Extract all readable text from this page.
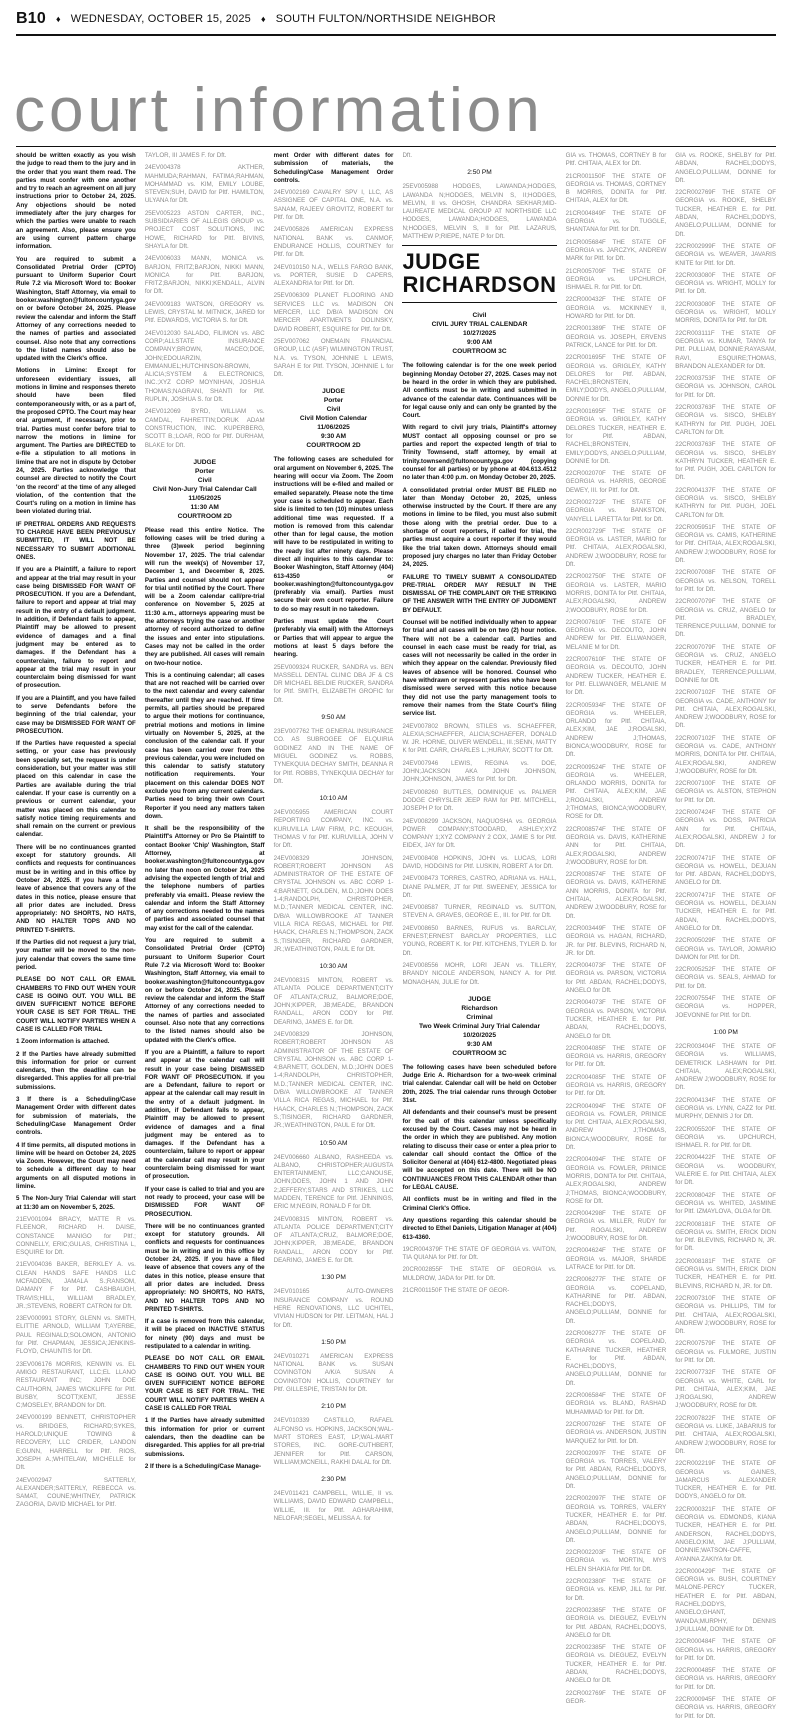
B10 ♦ WEDNESDAY, OCTOBER 15, 2025 ♦ SOUTH FULTON/NORTHSIDE NEIGHBOR
court information

should be written exactly as you wish the judge to read them to the jury and in the order that you want them read. The parties must confer with one another and try to reach an agreement on all jury instructions prior to October 24, 2025. Any objections should be noted immediately after the jury charges for which the parties were unable to reach an agreement. Also, please ensure you are using current pattern charge information.

You are required to submit a Consolidated Pretrial Order (CPTO) pursuant to Uniform Superior Court Rule 7.2 via Microsoft Word to: Booker Washington, Staff Attorney, via email to booker.washington@fultoncountyga.gov on or before October 24, 2025. Please review the calendar and inform the Staff Attorney of any corrections needed to the names of parties and associated counsel. Also note that any corrections to the listed names should also be updated with the Clerk's office.

Motions in Limine: Except for unforeseen evidentiary issues, all motions in limine and responses thereto should have been filed contemporaneously with, or as a part of, the proposed CPTO. The Court may hear oral argument, if necessary, prior to trial. Parties must confer before trial to narrow the motions in limine for argument. The Parties are DIRECTED to e-file a stipulation to all motions in limine that are not in dispute by October 24, 2025. Parties acknowledge that counsel are directed to notify the Court 'on the record' at the time of any alleged violation, of the contention that the Court's ruling on a motion in limine has been violated during trial.

IF PRETRIAL ORDERS AND REQUESTS TO CHARGE HAVE BEEN PREVIOUSLY SUBMITTED, IT WILL NOT BE NECESSARY TO SUBMIT ADDITIONAL ONES.

If you are a Plaintiff, a failure to report and appear at the trial may result in your case being DISMISSED FOR WANT OF PROSECUTION. If you are a Defendant, failure to report and appear at trial may result in the entry of a default judgment. In addition, if Defendant fails to appear, Plaintiff may be allowed to present evidence of damages and a final judgment may be entered as to damages. If the Defendant has a counterclaim, failure to report and appear at the trial may result in your counterclaim being dismissed for want of prosecution.

If you are a Plaintiff, and you have failed to serve Defendants before the beginning of the trial calendar, your case may be DISMISSED FOR WANT OF PROSECUTION.

If the Parties have requested a special setting, or your case has previously been specially set, the request is under consideration, but your matter was still placed on this calendar in case the Parties are available during the trial calendar. If your case is currently on a previous or current calendar, your matter was placed on this calendar to satisfy notice timing requirements and shall remain on the current or previous calendar.

There will be no continuances granted except for statutory grounds. All conflicts and requests for continuances must be in writing and in this office by October 24, 2025. If you have a filed leave of absence that covers any of the dates in this notice, please ensure that all prior dates are included. Dress appropriately: NO SHORTS, NO HATS, AND NO HALTER TOPS AND NO PRINTED T-SHIRTS.

If the Parties did not request a jury trial, your matter will be moved to the non-jury calendar that covers the same time period.

PLEASE DO NOT CALL OR EMAIL CHAMBERS TO FIND OUT WHEN YOUR CASE IS GOING OUT. YOU WILL BE GIVEN SUFFICIENT NOTICE BEFORE YOUR CASE IS SET FOR TRIAL. THE COURT WILL NOTIFY PARTIES WHEN A CASE IS CALLED FOR TRIAL

1 Zoom information is attached.

2 If the Parties have already submitted this information for prior or current calendars, then the deadline can be disregarded. This applies for all pre-trial submissions.

3 If there is a Scheduling/Case Management Order with different dates for submission of materials, the Scheduling/Case Management Order controls.

4 If time permits, all disputed motions in limine will be heard on October 24, 2025 via Zoom. However, the Court may need to schedule a different day to hear arguments on all disputed motions in limine.

5 The Non-Jury Trial Calendar will start at 11:30 am on November 5, 2025.

21EV001094 BRACY, MATTE R vs. FLEENOR, RICHARD H. DAISE, CONSTANCE MANIGO for Pltf.; CONNELLY, ERIC;GULAS, CHRISTINA L, ESQUIRE for Dft.

21EV004036 BAKER, BERKLEY A. vs. CLEAN HANDS SAFE HANDS LLC MCFADDEN, JAMALA S.;RANSOM, DAMANY F for Pltf. CASHBAUGH, TRAVIS;HILL, WILLIAM BRADLEY, JR.;STEVENS, ROBERT CATRON for Dft.

23EV000991 STORY, GLENN vs. SMITH, ELITTIE ARNOLD, WILLIAM T;AYERBE, PAUL REGINALD;SOLOMON, ANTONIO for Pltf. CHAPMAN, JESSICA;JENKINS-FLOYD, CHAUNTIS for Dft.

23EV006176 MORRIS, KENWIN vs. EL AMIGO RESTAURANT, LLC;EL LLANO RESTAURANT INC; JOHN DOE CAUTHORN, JAMES WICKLIFFE for Pltf. BUSBY, SCOTT;KENT, JESSE C;MOSELEY, BRANDON for Dft.

24EV000199 BENNETT, CHRISTOPHER vs. BRIDGES, RICHARD;SYKES, HAROLD;UNIQUE TOWING & RECOVERY, LLC CRIDER, LANDON E;GUNN, HARRELL for Pltf. RIOS, JOSEPH A.;WHITELAW, MICHELLE for Dft.

24EV002947 SATTERLY, ALEXANDER;SATTERLY, REBECCA vs. SAMAT, COUNE;WHITNEY, PATRICK ZAGORIA, DAVID MICHAEL for Pltf.

TAYLOR, III JAMES F. for Dft.

24EV004378 AKTHER, MAHMUDA;RAHMAN, FATIMA;RAHMAN, MOHAMMAD vs. KIM, EMILY LOUBE, STEVEN;SUH, DAVID for Pltf. HAMILTON, ULYANA for Dft.

25EV005223 ASTON CARTER, INC., SUBSIDIARIES OF ALLEGIS GROUP vs. PROJECT COST SOLUTIONS, INC HOWE, RICHARD for Pltf. BIVINS, SHAYLA for Dft.

24EV006033 MANN, MONICA vs. BARJON, FRITZ;BARJON, NIKKI MANN, MONICA for Pltf. BARJON, FRITZ;BARJON, NIKKI;KENDALL, ALVIN for Dft.

24EV009183 WATSON, GREGORY vs. LEWIS, CRYSTAL M. MITNICK, JARED for Pltf. EDWARDS, VICTORIA S. for Dft.

24EV012030 SALADO, FILIMON vs. ABC CORP;ALLSTATE INSURANCE COMPANY;BROWN, MACEO;DOE, JOHN;EDOUARZIN, EMMANUEL;HUTCHINSON-BROWN, ALICIA;SYSTEM & ELECTRONICS, INC.;XYZ CORP MOYNIHAN, JOSHUA THOMAS;NAGRANI, SHANTI for Pltf. RUPLIN, JOSHUA S. for Dft.

24EV012069 BYRD, WILLIAM vs. CAMDAL, FAHRETTIN;DORUK ADAM CONSTRUCTION, INC. KUPERBERG, SCOTT B.;LOAR, ROD for Pltf. DURHAM, BLAKE for Dft.

JUDGE
Porter
Civil
Civil Non-Jury Trial Calendar Call
11/05/2025
11:30 AM
COURTROOM 2D

Please read this entire Notice. The following cases will be tried during a three (3)week period beginning November 17, 2025. The trial calendar will run the week(s) of November 17, December 1, and December 8, 2025. Parties and counsel should not appear for trial until notified by the Court. There will be a Zoom calendar call/pre-trial conference on November 5, 2025 at 11:30 a.m., attorneys appearing must be the attorneys trying the case or another attorney of record authorized to define the issues and enter into stipulations. Cases may not be called in the order they are published. All cases will remain on two-hour notice.

This is a continuing calendar; all cases that are not reached will be carried over to the next calendar and every calendar thereafter until they are reached. If time permits, all parties should be prepared to argue their motions for continuance, pretrial motions and motions in limine virtually on November 5, 2025, at the conclusion of the calendar call. If your case has been carried over from the previous calendar, you were included on this calendar to satisfy statutory notification requirements. Your placement on this calendar DOES NOT exclude you from any current calendars. Parties need to bring their own Court Reporter if you need any matters taken down.

It shall be the responsibility of the Plaintiff's Attorney or Pro Se Plaintiff to contact Booker 'Chip' Washington, Staff Attorney, at booker.washington@fultoncountyga.gov no later than noon on October 24, 2025 advising the expected length of trial and the telephone numbers of parties preferably via email1. Please review the calendar and inform the Staff Attorney of any corrections needed to the names of parties and associated counsel that may exist for the call of the calendar.

You are required to submit a Consolidated Pretrial Order (CPTO) pursuant to Uniform Superior Court Rule 7.2 via Microsoft Word to: Booker Washington, Staff Attorney, via email to booker.washington@fultoncountyga.gov on or before October 24, 2025. Please review the calendar and inform the Staff Attorney of any corrections needed to the names of parties and associated counsel. Also note that any corrections to the listed names should also be updated with the Clerk's office.

If you are a Plaintiff, a failure to report and appear at the calendar call will result in your case being DISMISSED FOR WANT OF PROSECUTION. If you are a Defendant, failure to report or appear at the calendar call may result in the entry of a default judgment. In addition, if Defendant fails to appear, Plaintiff may be allowed to present evidence of damages and a final judgment may be entered as to damages. If the Defendant has a counterclaim, failure to report or appear at the calendar call may result in your counterclaim being dismissed for want of prosecution.

If your case is called to trial and you are not ready to proceed, your case will be DISMISSED FOR WANT OF PROSECUTION.

There will be no continuances granted except for statutory grounds. All conflicts and requests for continuances must be in writing and in this office by October 24, 2025. If you have a filed leave of absence that covers any of the dates in this notice, please ensure that all prior dates are included. Dress appropriately: NO SHORTS, NO HATS, AND NO HALTER TOPS AND NO PRINTED T-SHIRTS.

If a case is removed from this calendar, it will be placed on INACTIVE STATUS for ninety (90) days and must be restipulated to a calendar in writing.

PLEASE DO NOT CALL OR EMAIL CHAMBERS TO FIND OUT WHEN YOUR CASE IS GOING OUT. YOU WILL BE GIVEN SUFFICIENT NOTICE BEFORE YOUR CASE IS SET FOR TRIAL. THE COURT WILL NOTIFY PARTIES WHEN A CASE IS CALLED FOR TRIAL

1 If the Parties have already submitted this information for prior or current calendars, then the deadline can be disregarded. This applies for all pre-trial submissions.

2 If there is a Scheduling/Case Manage-

ment Order with different dates for submission of materials, the Scheduling/Case Management Order controls.

24EV002169 CAVALRY SPV I, LLC, AS ASSIGNEE OF CAPITAL ONE, N.A. vs. SANAM, RAJEEV GROVITZ, ROBERT for Pltf. for Dft.

24EV005826 AMERICAN EXPRESS NATIONAL BANK vs. CANMOF, ENDURANCE HOLLIS, COURTNEY for Pltf. for Dft.

24EV010150 N.A., WELLS FARGO BANK, vs. PORTER, SUSIE D CAPERS, ALEXANDRIA for Pltf. for Dft.

25EV006309 PLANET FLOORING AND SERVICES LLC vs. MADISON ON MERCER, LLC D/B/A MADISON ON MERCER APARTMENTS DOLINSKY, DAVID ROBERT, ESQUIRE for Pltf. for Dft.

25EV007062 ONEMAIN FINANCIAL GROUP, LLC (ASF) WILMINGTON TRUST, N.A. vs. TYSON, JOHNNIE L LEWIS, SARAH E for Pltf. TYSON, JOHNNIE L for Dft.

JUDGE
Porter
Civil
Civil Motion Calendar
11/06/2025
9:30 AM
COURTROOM 2D

The following cases are scheduled for oral argument on November 6, 2025. The hearing will occur via Zoom. The Zoom instructions will be e-filed and mailed or emailed separately. Please note the time your case is scheduled to appear. Each side is limited to ten (10) minutes unless additional time was requested. If a motion is removed from this calendar other than for legal cause, the motion will have to be restipulated in writing to the ready list after ninety days. Please direct all inquiries to this calendar to: Booker Washington, Staff Attorney (404) 613-4350 or booker.washington@fultoncountyga.gov (preferably via email). Parties must secure their own court reporter. Failure to do so may result in no takedown.

Parties must update the Court (preferably via email) with the Attorneys or Parties that will appear to argue the motions at least 5 days before the hearing.

25EV009324 RUCKER, SANDRA vs. BEN MASSELL DENTAL CLINIC DBA JF & CS DR MICHAEL BELDIE RUCKER, SANDRA for Pltf. SMITH, ELIZABETH GROFIC for Dft.

9:50 AM

23EV007762 THE GENERAL INSURANCE CO. AS SUBROGEE OF ELQUIRIA GODINEZ AND IN THE NAME OF MIGUEL GODINEZ vs. ROBBS, TYNEKQUIA DECHAY SMITH, DEANNA R for Pltf. ROBBS, TYNEKQUIA DECHAY for Dft.

10:10 AM

24EV005955 AMERICAN COURT REPORTING COMPANY, INC. vs. KURUVILLA LAW FIRM, P.C. KEOUGH, THOMAS V for Pltf. KURUVILLA, JOHN V for Dft.

24EV008329 JOHNSON, ROBERT;ROBERT JOHNSON AS ADMINISTRATOR OF THE ESTATE OF CRYSTAL JOHNSON vs. ABC CORP 1-4;BARNETT, GOLDEN, M.D.;JOHN DOES 1-4;RANDOLPH, CHRISTOPHER, M.D.;TANNER MEDICAL CENTER, INC. D/B/A WILLOWBROOKE AT TANNER VILLA RICA REGAS, MICHAEL for Pltf. HAACK, CHARLES N.;THOMPSON, ZACK S.;TISINGER, RICHARD GARDNER, JR.;WEATHINGTON, PAUL E for Dft.

10:30 AM

24EV008315 MINTON, ROBERT vs. ATLANTA POLICE DEPARTMENT;CITY OF ATLANTA;CRUZ, BALMORE;DOE, JOHN;KIPPER, JB;MEADE, BRANDON RANDALL, ARON CODY for Pltf. DEARING, JAMES E. for Dft.

24EV008329 JOHNSON, ROBERT;ROBERT JOHNSON AS ADMINISTRATOR OF THE ESTATE OF CRYSTAL JOHNSON vs. ABC CORP 1-4;BARNETT, GOLDEN, M.D.;JOHN DOES 1-4;RANDOLPH, CHRISTOPHER, M.D.;TANNER MEDICAL CENTER, INC. D/B/A WILLOWBROOKE AT TANNER VILLA RICA REGAS, MICHAEL for Pltf. HAACK, CHARLES N.;THOMPSON, ZACK S.;TISINGER, RICHARD GARDNER, JR.;WEATHINGTON, PAUL E for Dft.

10:50 AM

24EV006660 ALBANO, RASHEEDA vs. ALBANO, CHRISTOPHER;AUGUSTA ENTERTAINMENT, LLC;CANOUSE, JOHN;DOES, JOHN 1 AND JOHN 2;JEFFERY;STARS AND STRIKES, LLC MADDEN, TERENCE for Pltf. JENNINGS, ERIC M;NEGIN, RONALD F for Dft.

24EV008315 MINTON, ROBERT vs. ATLANTA POLICE DEPARTMENT;CITY OF ATLANTA;CRUZ, BALMORE;DOE, JOHN;KIPPER, JB;MEADE, BRANDON RANDALL, ARON CODY for Pltf. DEARING, JAMES E. for Dft.

1:30 PM

24EV010165 AUTO-OWNERS INSURANCE COMPANY vs. ROUND HERE RENOVATIONS, LLC UCHITEL, VIVIAN HUDSON for Pltf. LEITMAN, HAL J for Dft.

1:50 PM

24EV010271 AMERICAN EXPRESS NATIONAL BANK vs. SUSAN COVINGTON A/K/A SUSAN A COVINGTON HOLLIS, COURTNEY for Pltf. GILLESPIE, TRISTAN for Dft.

2:10 PM

24EV010339 CASTILLO, RAFAEL ALFONSO vs. HOPKINS, JACKSON;WAL-MART STORES EAST, LP;WAL-MART STORES, INC. GORE-CUTHBERT, JENNIFER for Pltf. CARSON, WILLIAM;MCNEILL, RAKHI DALAL for Dft.

2:30 PM

24EV011421 CAMPBELL, WILLIE, II vs. WILLIAMS, DAVID EDWARD CAMPBELL, WILLIE, III. for Pltf. AGHARAHIMI, NELOFAR;SEGEL, MELISSA A. for

Dft.

2:50 PM

25EV005988 HODGES, LAWANDA;HODGES, LAWANDA N;HODGES, MELVIN S, II;HODGES, MELVIN, II vs. GHOSH, CHANDRA SEKHAR;MID-LAUREATE MEDICAL GROUP AT NORTHSIDE LLC HODGES, LAWANDA;HODGES, LAWANDA N;HODGES, MELVIN S, II for Pltf. LAZARUS, MATTHEW P;RIEPE, NATE P for Dft.

JUDGE
RICHARDSON
Civil
CIVIL JURY TRIAL CALENDAR
10/27/2025
9:00 AM
COURTROOM 3C

The following calendar is for the one week period beginning Monday October 27, 2025. Cases may not be heard in the order in which they are published. All conflicts must be in writing and submitted in advance of the calendar date. Continuances will be for legal cause only and can only be granted by the Court.

With regard to civil jury trials, Plaintiff's attorney MUST contact all opposing counsel or pro se parties and report the expected length of trial to Trinity Townsend, staff attorney, by email at trinity.townsend@fultoncountyga.gov (copying counsel for all parties) or by phone at 404.613.4512 no later than 4:00 p.m. on Monday October 20, 2025.

A consolidated pretrial order MUST BE FILED no later than Monday October 20, 2025, unless otherwise instructed by the Court. If there are any motions in limine to be filed, you must also submit those along with the pretrial order. Due to a shortage of court reporters, if called for trial, the parties must acquire a court reporter if they would like the trial taken down. Attorneys should email proposed jury charges no later than Friday October 24, 2025.

FAILURE TO TIMELY SUBMIT A CONSOLIDATED PRE-TRIAL ORDER MAY RESULT IN THE DISMISSAL OF THE COMPLAINT OR THE STRIKING OF THE ANSWER WITH THE ENTRY OF JUDGMENT BY DEFAULT.

Counsel will be notified individually when to appear for trial and all cases will be on two (2) hour notice. There will not be a calendar call. Parties and counsel in each case must be ready for trial, as cases will not necessarily be called in the order in which they appear on the calendar. Previously filed leaves of absence will be honored. Counsel who have withdrawn or represent parties who have been dismissed were served with this notice because they did not use the party management tools to remove their names from the State Court's filing service list.

24EV007802 BROWN, STILES vs. SCHAEFFER, ALEXIA;SCHAEFFER, ALICIA;SCHAEFER, DONALD W. JR. HORNE, OLIVER WENDELL, III.;SENN, MATTY K for Pltf. CARR, CHARLES L.;HURAY, SCOTT for Dft.

24EV007946 LEWIS, REGINA vs. DOE, JOHN;JACKSON AKA JOHN JOHNSON, JOHN;JOHNSON, JAMES for Pltf. for Dft.

24EV008260 BUTTLES, DOMINIQUE vs. PALMER DODGE CHRYSLER JEEP RAM for Pltf. MITCHELL, JOSEPH P for Dft.

24EV008299 JACKSON, NAQUOSHA vs. GEORGIA POWER COMPANY;STOODARD, ASHLEY;XYZ COMPANY 1;XYZ COMPANY 2 COX, JAMIE S for Pltf. EIDEX, JAY for Dft.

24EV008408 HOPKINS, JOHN vs. LUCAS, LORI DAVID, HODGINS for Pltf. LUSKIN, ROBERT A for Dft.

24EV008473 TORRES, CASTRO, ADRIANA vs. HALL, DIANE PALMER, JT for Pltf. SWEENEY, JESSICA for Dft.

24EV008587 TURNER, REGINALD vs. SUTTON, STEVEN A. GRAVES, GEORGE E., III. for Pltf. for Dft.

24EV008650 BARNES, RUFUS vs. BARCLAY, ERNEST;ERNEST BARCLAY PROPERTIES, LLC YOUNG, ROBERT K. for Pltf. KITCHENS, TYLER D. for Dft.

24EV008556 MOHR, LORI JEAN vs. TILLERY, BRANDY NICOLE ANDERSON, NANCY A. for Pltf. MONAGHAN, JULIE for Dft.

JUDGE
Richardson
Criminal
Two Week Criminal Jury Trial Calendar
10/20/2025
9:30 AM
COURTROOM 3C

The following cases have been scheduled before Judge Eric A. Richardson for a two-week criminal trial calendar. Calendar call will be held on October 20th, 2025. The trial calendar runs through October 31st.

All defendants and their counsel's must be present for the call of this calendar unless specifically excused by the Court. Cases may not be heard in the order in which they are published. Any motion relating to discuss their case or enter a plea prior to calendar call should contact the Office of the Solicitor General at (404) 612-4800. Negotiated pleas will be accepted on this date. There will be NO CONTINUANCES FROM THIS CALENDAR other than for LEGAL CAUSE.

All conflicts must be in writing and filed in the Criminal Clerk's Office.

Any questions regarding this calendar should be directed to Ethel Daniels, Litigation Manager at (404) 613-4360.

19CR004379F THE STATE OF GEORGIA vs. VAITON, TIA QUIANA for Pltf. for Dft.

20CR002855F THE STATE OF GEORGIA vs. MULDROW, JADA for Pltf. for Dft.

21CR001150F THE STATE OF GEOR-

GIA vs. THOMAS, CORTNEY B for Pltf. CHITAIA, ALEX for Dft.

21CR001150F THE STATE OF GEORGIA vs. THOMAS, CORTNEY B MORRIS, DONITA for Pltf. CHITAIA, ALEX for Dft.

21CR004849F THE STATE OF GEORGIA vs. TUGGLE, SHANTANA for Pltf. for Dft.

21CR005684F THE STATE OF GEORGIA vs. JARCZYK, ANDREW MARK for Pltf. for Dft.

21CR005709F THE STATE OF GEORGIA vs. UPCHURCH, ISHMAEL R. for Pltf. for Dft.

22CR000432F THE STATE OF GEORGIA vs. MCKINNEY II, HOWARD for Pltf. for Dft.

22CR001389F THE STATE OF GEORGIA vs. JOSEPH, ERVENS PATRICK, LANCE for Pltf. for Dft.

22CR001695F THE STATE OF GEORGIA vs. GRIGLEY, KATHY DELORES for Pltf. ABDAN, RACHEL;BRONSTEIN, EMILY;DODYS, ANGELO;PULLIAM, DONNIE for Dft.

22CR001695F THE STATE OF GEORGIA vs. GRIGLEY, KATHY DELORES TUCKER, HEATHER E. for Pltf. ABDAN, RACHEL;BRONSTEIN, EMILY;DODYS, ANGELO;PULLIAM, DONNIE for Dft.

22CR002070F THE STATE OF GEORGIA vs. HARRIS, GEORGE DEWEY, III. for Pltf. for Dft.

22CR002722F THE STATE OF GEORGIA vs. BANKSTON, VANYELL LARETTA for Pltf. for Dft.

22CR002729F THE STATE OF GEORGIA vs. LASTER, MARIO for Pltf. CHITAIA, ALEX;ROGALSKI, ANDREW J;WOODBURY, ROSE for Dft.

22CR002750F THE STATE OF GEORGIA vs. LASTER, MARIO MORRIS, DONITA for Pltf. CHITAIA, ALEX;ROGALSKI, ANDREW J;WOODBURY, ROSE for Dft.

22CR007610F THE STATE OF GEORGIA vs. DECOUTO, JOHN ANDREW for Pltf. ELLWANGER, MELANIE M for Dft.

22CR007610F THE STATE OF GEORGIA vs. DECOUTO, JOHN ANDREW TUCKER, HEATHER E. for Pltf. ELLWANGER, MELANIE M for Dft.

22CR005934F THE STATE OF GEORGIA vs. WHEELER, ORLANDO for Pltf. CHITAIA, ALEX;KIM, JAE J;ROGALSKI, ANDREW J;THOMAS, BIONCA;WOODBURY, ROSE for Dft.

22CR009524F THE STATE OF GEORGIA vs. WHEELER, ORLANDO MORRIS, DONITA for Pltf. CHITAIA, ALEX;KIM, JAE J;ROGALSKI, ANDREW J;THOMAS, BIONCA;WOODBURY, ROSE for Dft.

22CR008574F THE STATE OF GEORGIA vs. DAVIS, KATHERINE ANN for Pltf. CHITAIA, ALEX;ROGALSKI, ANDREW J;WOODBURY, ROSE for Dft.

22CR008574F THE STATE OF GEORGIA vs. DAVIS, KATHERINE ANN MORRIS, DONITA for Pltf. CHITAIA, ALEX;ROGALSKI, ANDREW J;WOODBURY, ROSE for Dft.

22CR003449F THE STATE OF GEORGIA vs. HAGAN, RICHARD, JR. for Pltf. BLEVINS, RICHARD N, JR. for Dft.

22CR004073F THE STATE OF GEORGIA vs. PARSON, VICTORIA for Pltf. ABDAN, RACHEL;DODYS, ANGELO for Dft.

22CR004073F THE STATE OF GEORGIA vs. PARSON, VICTORIA TUCKER, HEATHER E. for Pltf. ABDAN, RACHEL;DODYS, ANGELO for Dft.

22CR004085F THE STATE OF GEORGIA vs. HARRIS, GREGORY for Pltf. for Dft.

22CR004085F THE STATE OF GEORGIA vs. HARRIS, GREGORY for Pltf. for Dft.

22CR004094F THE STATE OF GEORGIA vs. FOWLER, PRINICE for Pltf. CHITAIA, ALEX;ROGALSKI, ANDREW J;THOMAS, BIONCA;WOODBURY, ROSE for Dft.

22CR004094F THE STATE OF GEORGIA vs. FOWLER, PRINICE MORRIS, DONITA for Pltf. CHITAIA, ALEX;ROGALSKI, ANDREW J;THOMAS, BIONCA;WOODBURY, ROSE for Dft.

22CR004298F THE STATE OF GEORGIA vs. MILLER, RUDY for Pltf. ROGALSKI, ANDREW J;WOODBURY, ROSE for Dft.

22CR004624F THE STATE OF GEORGIA vs. MAJOR, SHARDE LATRACE for Pltf. for Dft.

22CR006277F THE STATE OF GEORGIA vs. COPELAND, KATHARINE for Pltf. ABDAN, RACHEL;DODYS, ANGELO;PULLIAM, DONNIE for Dft.

22CR006277F THE STATE OF GEORGIA vs. COPELAND, KATHARINE TUCKER, HEATHER E. for Pltf. ABDAN, RACHEL;DODYS, ANGELO;PULLIAM, DONNIE for Dft.

22CR006584F THE STATE OF GEORGIA vs. BLAND, RASHAD MUHAMMAD for Pltf. for Dft.

22CR007026F THE STATE OF GEORGIA vs. ANDERSON, JUSTIN MARQUEZ for Pltf. for Dft.

22CR002097F THE STATE OF GEORGIA vs. TORRES, VALERY for Pltf. ABDAN, RACHEL;DODYS, ANGELO;PULLIAM, DONNIE for Dft.

22CR002097F THE STATE OF GEORGIA vs. TORRES, VALERY TUCKER, HEATHER E. for Pltf. ABDAN, RACHEL;DODYS, ANGELO;PULLIAM, DONNIE for Dft.

22CR002203F THE STATE OF GEORGIA vs. MORTIN, MYS HELEN SHAKIA for Pltf. for Dft.

22CR002380F THE STATE OF GEORGIA vs. KEMP, JILL for Pltf. for Dft.

22CR002385F THE STATE OF GEORGIA vs. DIEGUEZ, EVELYN for Pltf. ABDAN, RACHEL;DODYS, ANGELO for Dft.

22CR002385F THE STATE OF GEORGIA vs. DIEGUEZ, EVELYN TUCKER, HEATHER E. for Pltf. ABDAN, RACHEL;DODYS, ANGELO for Dft.

22CR002769F THE STATE OF GEOR-

GIA vs. ROOKE, SHELBY for Pltf. ABDAN, RACHEL;DODYS, ANGELO;PULLIAM, DONNIE for Dft.

22CR002769F THE STATE OF GEORGIA vs. ROOKE, SHELBY TUCKER, HEATHER E. for Pltf. ABDAN, RACHEL;DODYS, ANGELO;PULLIAM, DONNIE for Dft.

22CR002999F THE STATE OF GEORGIA vs. WEAVER, JAVARIS KNITE for Pltf. for Dft.

22CR003080F THE STATE OF GEORGIA vs. WRIGHT, MOLLY for Pltf. for Dft.

22CR003080F THE STATE OF GEORGIA vs. WRIGHT, MOLLY MORRIS, DONITA for Pltf. for Dft.

22CR003111F THE STATE OF GEORGIA vs. KUMAR, TANYA for Pltf. PULLIAM, DONNIE;RAYASAM, RAVI, ESQUIRE;THOMAS, BRANDON ALEXANDER for Dft.

22CR003753F THE STATE OF GEORGIA vs. JOHNSON, CAROL for Pltf. for Dft.

22CR003763F THE STATE OF GEORGIA vs. SISCO, SHELBY KATHRYN for Pltf. PUGH, JOEL CARLTON for Dft.

22CR003763F THE STATE OF GEORGIA vs. SISCO, SHELBY KATHRYN TUCKER, HEATHER E. for Pltf. PUGH, JOEL CARLTON for Dft.

22CR004137F THE STATE OF GEORGIA vs. SISCO, SHELBY KATHRYN for Pltf. PUGH, JOEL CARLTON for Dft.

22CR005951F THE STATE OF GEORGIA vs. CAMIS, KATHERINE for Pltf. CHITAIA, ALEX;ROGALSKI, ANDREW J;WOODBURY, ROSE for Dft.

22CR007008F THE STATE OF GEORGIA vs. NELSON, TORELL for Pltf. for Dft.

22CR007079F THE STATE OF GEORGIA vs. CRUZ, ANGELO for Pltf. BRADLEY, TERRENCE;PULLIAM, DONNIE for Dft.

22CR007079F THE STATE OF GEORGIA vs. CRUZ, ANGELO TUCKER, HEATHER E. for Pltf. BRADLEY, TERRENCE;PULLIAM, DONNIE for Dft.

22CR007102F THE STATE OF GEORGIA vs. CADE, ANTHONY for Pltf. CHITAIA, ALEX;ROGALSKI, ANDREW J;WOODBURY, ROSE for Dft.

22CR007102F THE STATE OF GEORGIA vs. CADE, ANTHONY MORRIS, DONITA for Pltf. CHITAIA, ALEX;ROGALSKI, ANDREW J;WOODBURY, ROSE for Dft.

22CR007100F THE STATE OF GEORGIA vs. ALSTON, STEPHON for Pltf. for Dft.

22CR007424F THE STATE OF GEORGIA vs. DOSS, PATRICIA ANN for Pltf. CHITAIA, ALEX;ROGALSKI, ANDREW J for Dft.

22CR007471F THE STATE OF GEORGIA vs. HOWELL, DEJUAN for Pltf. ABDAN, RACHEL;DODYS, ANGELO for Dft.

22CR007471F THE STATE OF GEORGIA vs. HOWELL, DEJUAN TUCKER, HEATHER E. for Pltf. ABDAN, RACHEL;DODYS, ANGELO for Dft.

22CR005029F THE STATE OF GEORGIA vs. TAYLOR, JOMARIO DAMON for Pltf. for Dft.

22CR005252F THE STATE OF GEORGIA vs. SEALS, AHMAD for Pltf. for Dft.

22CR007554F THE STATE OF GEORGIA vs. HOPPER, JOEVONNE for Pltf. for Dft.

1:00 PM

22CR003404F THE STATE OF GEORGIA vs. WILLIAMS, DEMETRICK LASHAWN for Pltf. CHITAIA, ALEX;ROGALSKI, ANDREW J;WOODBURY, ROSE for Dft.

22CR004134F THE STATE OF GEORGIA vs. LYNN, CAZZ for Pltf. MURPHY, DENNIS J for Dft.

22CR005520F THE STATE OF GEORGIA vs. UPCHURCH, ISHMAEL R. for Pltf. for Dft.

22CR004422F THE STATE OF GEORGIA vs. WOODBURY, VALERIE E. for Pltf. CHITAIA, ALEX for Dft.

22CR008042F THE STATE OF GEORGIA vs. WHITED, JASMINE for Pltf. IZMAYLOVA, OLGA for Dft.

22CR008181F THE STATE OF GEORGIA vs. SMITH, ERICK DION for Pltf. BLEVINS, RICHARD N, JR. for Dft.

22CR008181F THE STATE OF GEORGIA vs. SMITH, ERICK DION TUCKER, HEATHER E. for Pltf. BLEVINS, RICHARD N, JR. for Dft.

22CR007310F THE STATE OF GEORGIA vs. PHILLIPS, TIM for Pltf. CHITAIA, ALEX;ROGALSKI, ANDREW J;WOODBURY, ROSE for Dft.

22CR007579F THE STATE OF GEORGIA vs. FULMORE, JUSTIN for Pltf. for Dft.

22CR007732F THE STATE OF GEORGIA vs. WHITE, CARL for Pltf. CHITAIA, ALEX;KIM, JAE J;ROGALSKI, ANDREW J;WOODBURY, ROSE for Dft.

22CR007822F THE STATE OF GEORGIA vs. LUKE, JABARIUS for Pltf. CHITAIA, ALEX;ROGALSKI, ANDREW J;WOODBURY, ROSE for Dft.

22CR002219F THE STATE OF GEORGIA vs. GAINES, JAMARCUS ALEXANDER TUCKER, HEATHER E. for Pltf. DODYS, ANGELO for Dft.

22CR000321F THE STATE OF GEORGIA vs. EDMONDS, KIANA TUCKER, HEATHER E. for Pltf. ANDERSON, RACHEL;DODYS, ANGELO;KIM, JAE J;PULLIAM, DONNIE;WATSON-CAFFE, AYANNA ZAKIYA for Dft.

22CR000429F THE STATE OF GEORGIA vs. BUSH, COURTNEY MALONE-PERCY TUCKER, HEATHER E. for Pltf. ABDAN, RACHEL;DODYS, ANGELO;GHANT, WANDA;MURPHY, DENNIS J;PULLIAM, DONNIE for Dft.

22CR000484F THE STATE OF GEORGIA vs. HARRIS, GREGORY for Pltf. for Dft.

22CR000485F THE STATE OF GEORGIA vs. HARRIS, GREGORY for Pltf. for Dft.

22CR000945F THE STATE OF GEORGIA vs. HARRIS, GREGORY for Pltf. for Dft.
